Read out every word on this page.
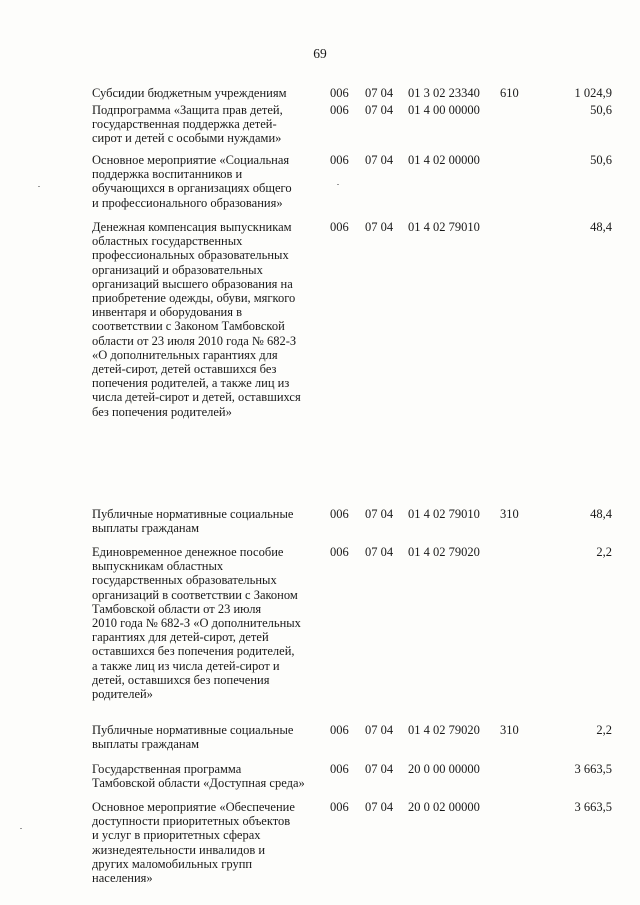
69
Субсидии бюджетным учреждениям	006 07 04 01 3 02 23340 610	1 024,9
Подпрограмма «Защита прав детей,
государственная поддержка детей-
сирот и детей с особыми нуждами»
006 07 04 01 4 00 00000	50,6
Основное мероприятие «Социальная
поддержка воспитанников и
обучающихся в организациях общего
и профессионального образования»
006 07 04 01 4 02 00000	50,6
Денежная компенсация выпускникам
областных государственных
профессиональных образовательных
организаций и образовательных
организаций высшего образования на
приобретение одежды, обуви, мягкого
инвентаря и оборудования в
соответствии с Законом Тамбовской
области от 23 июля 2010 года № 682-З
«О дополнительных гарантиях для
детей-сирот, детей оставшихся без
попечения родителей, а также лиц из
числа детей-сирот и детей, оставшихся
без попечения родителей»
006 07 04 01 4 02 79010	48,4
Публичные нормативные социальные
выплаты гражданам
006 07 04 01 4 02 79010 310	48,4
Единовременное денежное пособие
выпускникам областных
государственных образовательных
организаций в соответствии с Законом
Тамбовской области от 23 июля
2010 года № 682-З «О дополнительных
гарантиях для детей-сирот, детей
оставшихся без попечения родителей,
а также лиц из числа детей-сирот и
детей, оставшихся без попечения
родителей»
006 07 04 01 4 02 79020	2,2
Публичные нормативные социальные
выплаты гражданам
006 07 04 01 4 02 79020 310	2,2
Государственная программа
Тамбовской области «Доступная среда»
006 07 04 20 0 00 00000	3 663,5
Основное мероприятие «Обеспечение
доступности приоритетных объектов
и услуг в приоритетных сферах
жизнедеятельности инвалидов и
других маломобильных групп
населения»
006 07 04 20 0 02 00000	3 663,5
